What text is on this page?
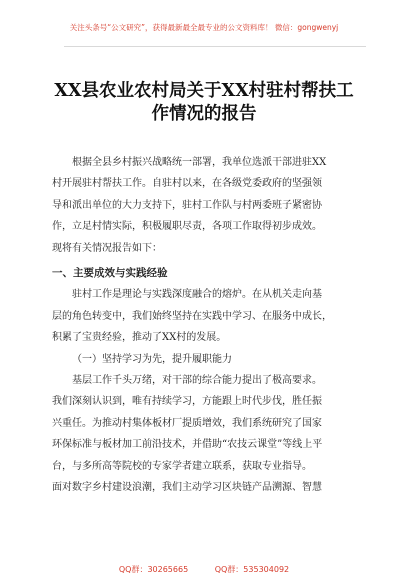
关注头条号“公文研究”，获得最新最全最专业的公文资料库！ 微信：gongwenyj
XX县农业农村局关于XX村驻村帮扶工
作情况的报告

根据全县乡村振兴战略统一部署，我单位选派干部进驻XX
村开展驻村帮扶工作。自驻村以来，在各级党委政府的坚强领
导和派出单位的大力支持下，驻村工作队与村两委班子紧密协
作，立足村情实际，积极履职尽责，各项工作取得初步成效。
现将有关情况报告如下：

一、主要成效与实践经验

驻村工作是理论与实践深度融合的熔炉。在从机关走向基
层的角色转变中，我们始终坚持在实践中学习、在服务中成长，
积累了宝贵经验，推动了XX村的发展。

（一）坚持学习为先，提升履职能力

基层工作千头万绪，对干部的综合能力提出了极高要求。
我们深刻认识到，唯有持续学习，方能跟上时代步伐，胜任振
兴重任。为推动村集体板材厂提质增效，我们系统研究了国家
环保标准与板材加工前沿技术，并借助“农技云课堂”等线上平
台，与多所高等院校的专家学者建立联系，获取专业指导。
面对数字乡村建设浪潮，我们主动学习区块链产品溯源、智慧

QQ群：30265665	QQ群：535304092
